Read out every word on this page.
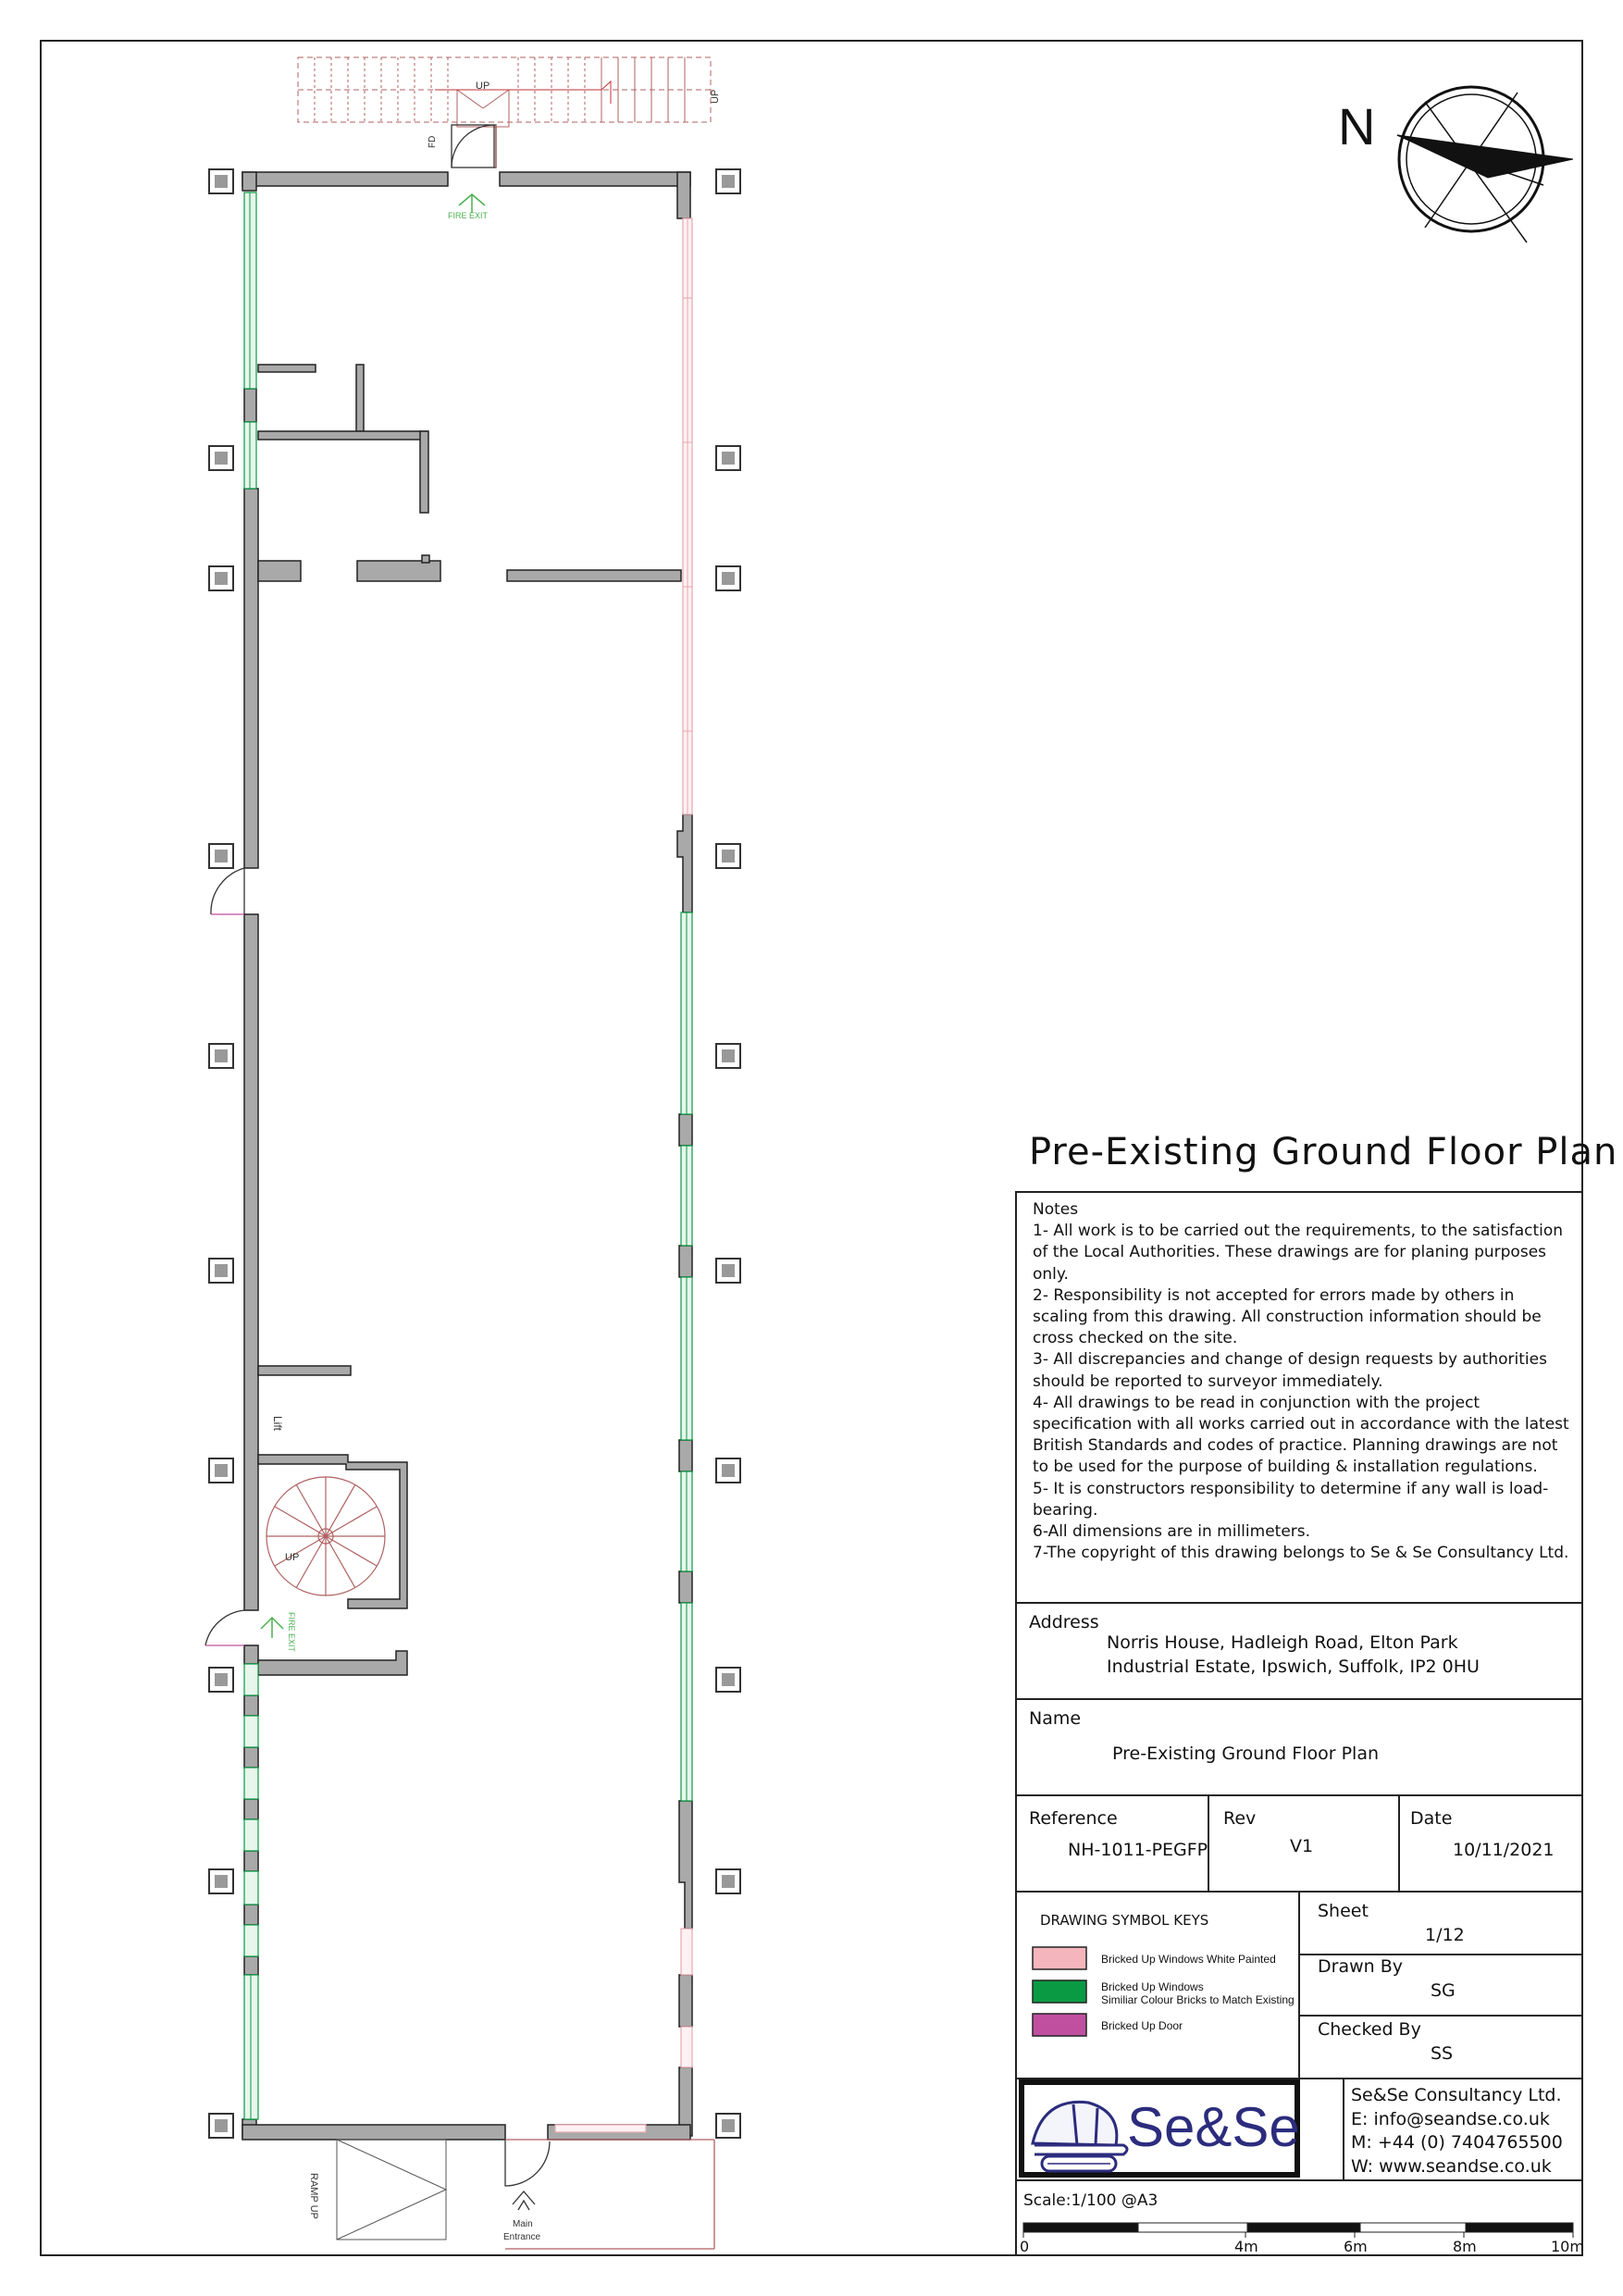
UP
UP
FD
UP
Lift
FIRE EXIT
FIRE EXIT
RAMP UP
Main
Entrance
N
Pre-Existing Ground Floor Plan

Notes

1- All work is to be carried out the requirements, to the satisfaction of the Local Authorities. These drawings are for planing purposes only.

2- Responsibility is not accepted for errors made by others in scaling from this drawing. All construction information should be cross checked on the site.

3- All discrepancies and change of design requests by authorities should be reported to surveyor immediately.

4- All drawings to be read in conjunction with the project specification with all works carried out in accordance with the latest British Standards and codes of practice. Planning drawings are not to be used for the purpose of building & installation regulations.

5- It is constructors responsibility to determine if any wall is load-bearing.

6-All dimensions are in millimeters.

7-The copyright of this drawing belongs to Se & Se Consultancy Ltd.

Address
Norris House, Hadleigh Road, Elton Park
Industrial Estate, Ipswich, Suffolk, IP2 0HU
Name
Pre-Existing Ground Floor Plan
Reference
NH-1011-PEGFP
Rev
V1
Date
10/11/2021
DRAWING SYMBOL KEYS
Bricked Up Windows White Painted
Bricked Up Windows
Similiar Colour Bricks to Match Existing
Bricked Up Door
Sheet
1/12
Drawn By
SG
Checked By
SS
Se&Se

Se&Se Consultancy Ltd.

E: info@seandse.co.uk

M: +44 (0) 7404765500

W: www.seandse.co.uk

Scale:1/100 @A3
0	4m	6m	8m	10m
